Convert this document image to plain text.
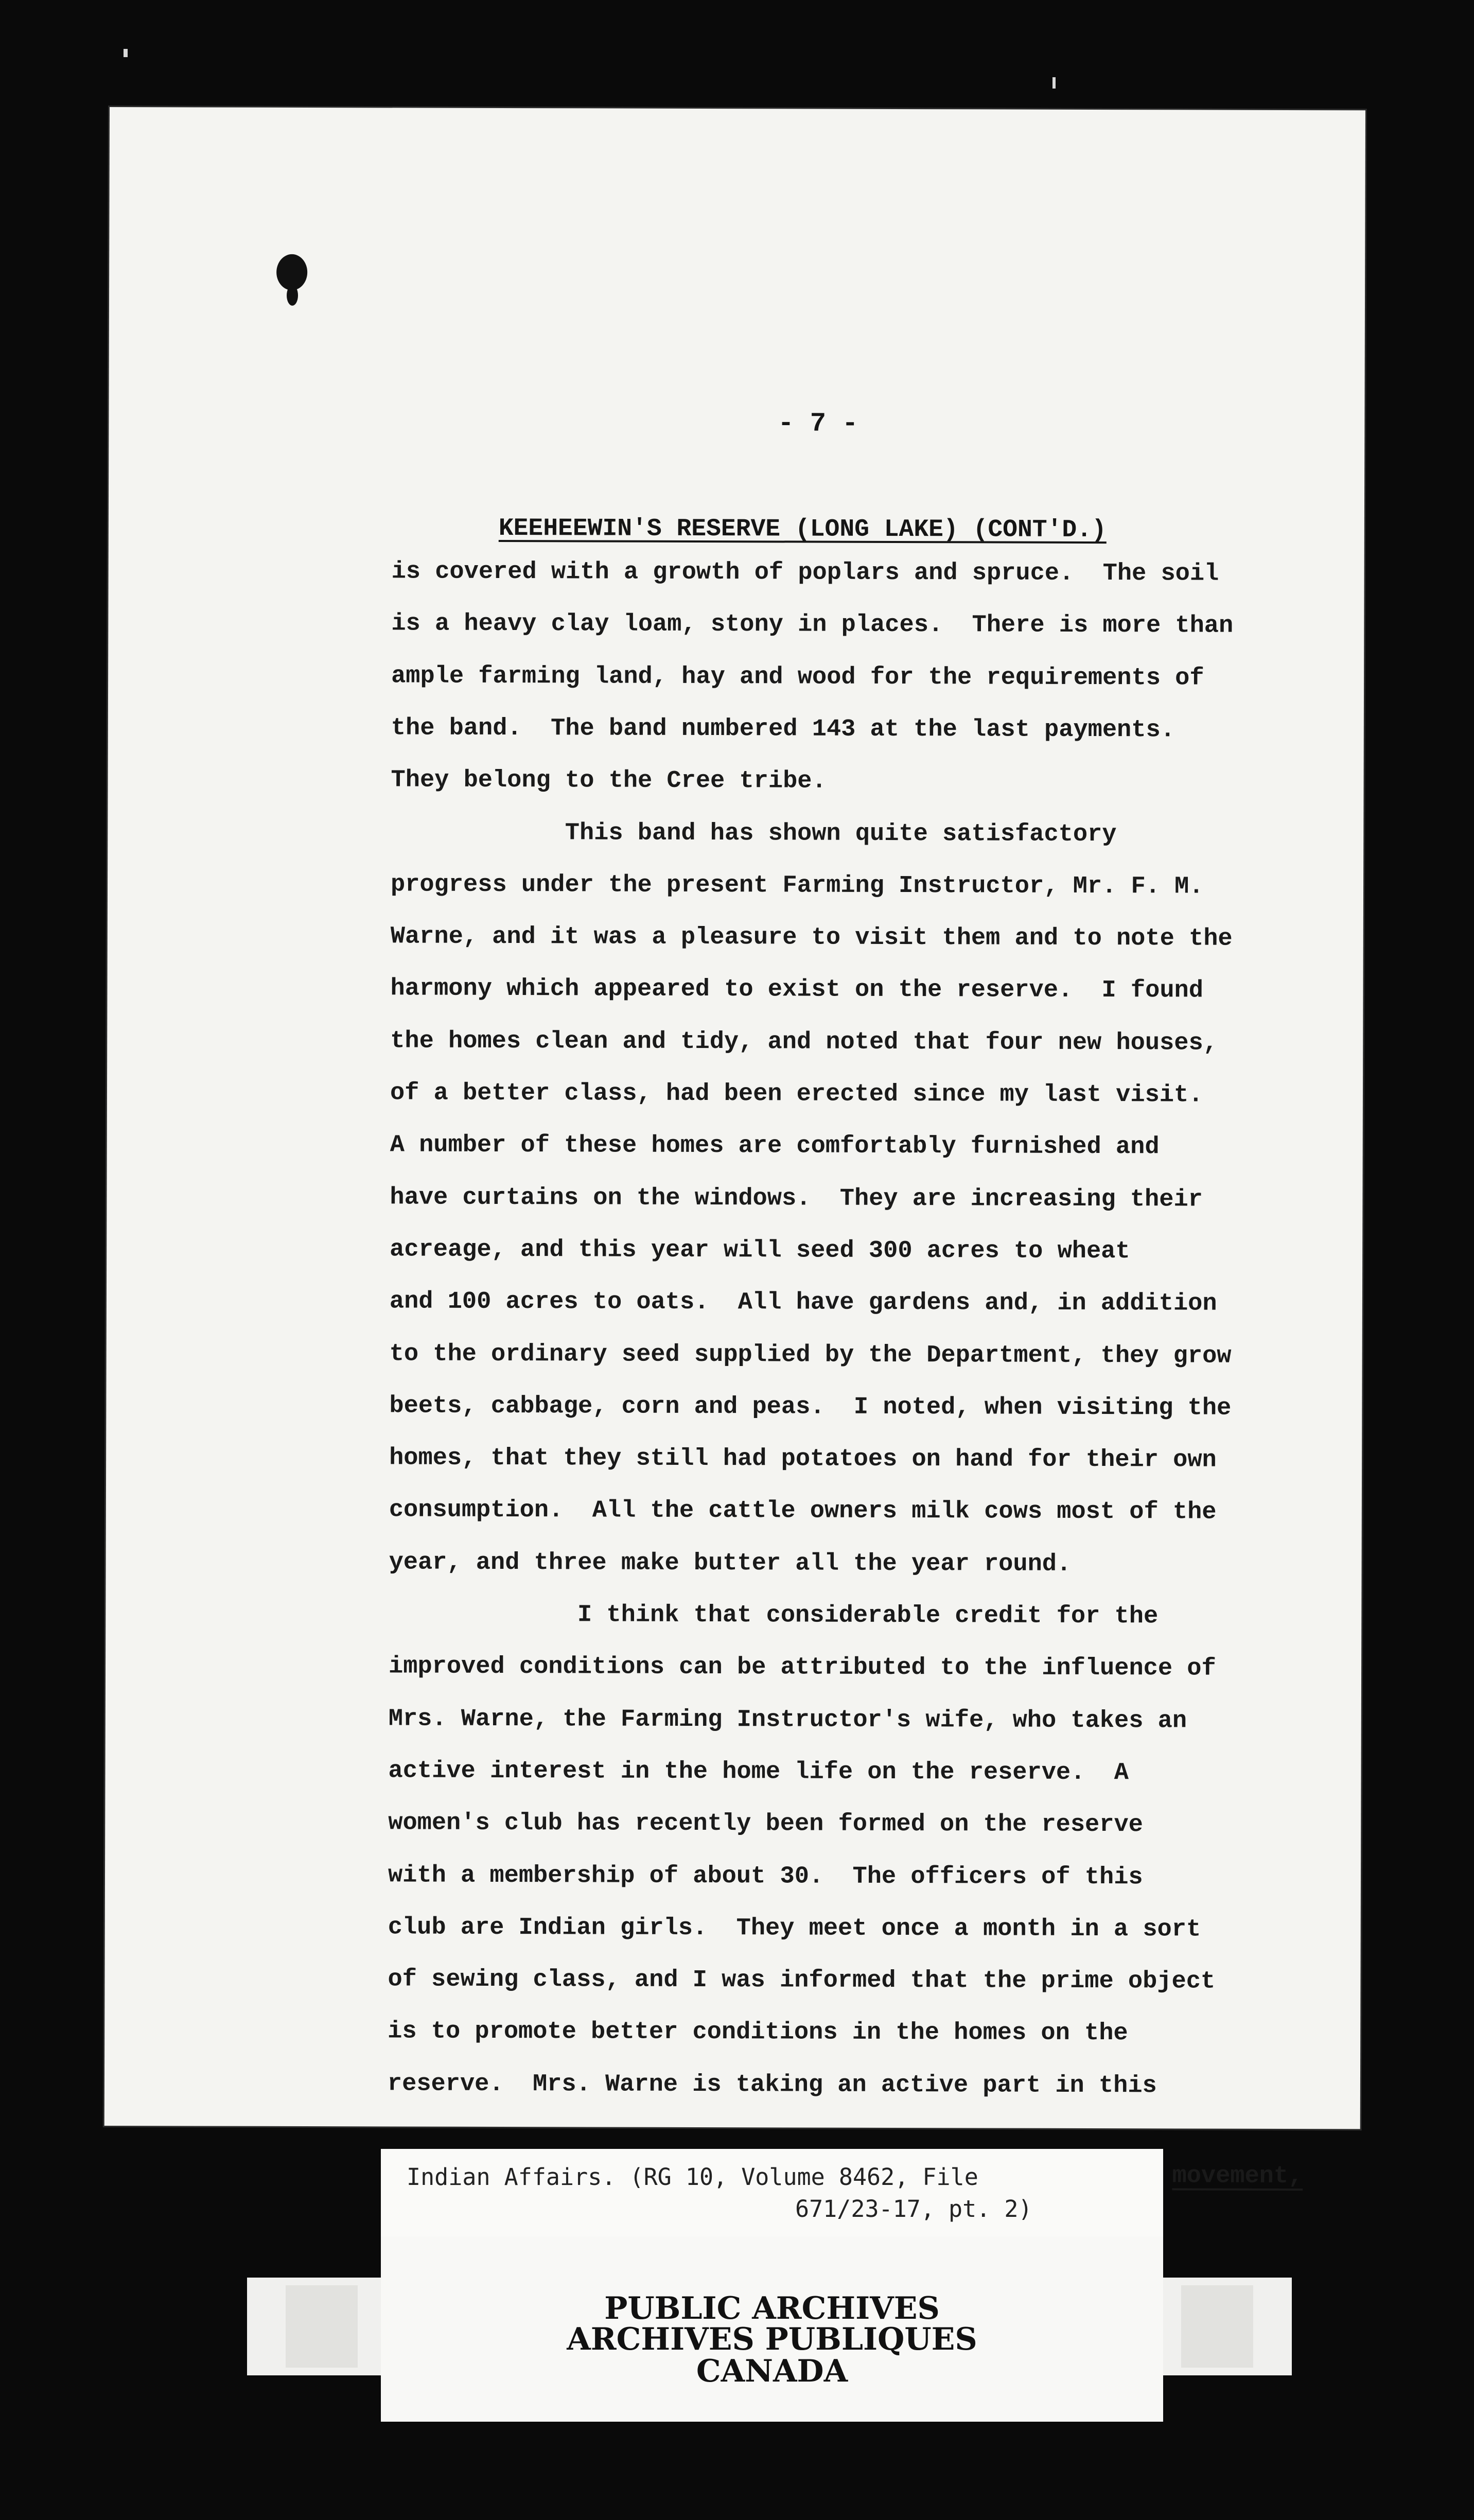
- 7 -
KEEHEEWIN'S RESERVE (LONG LAKE) (CONT'D.)
is covered with a growth of poplars and spruce.  The soil
is a heavy clay loam, stony in places.  There is more than
ample farming land, hay and wood for the requirements of
the band.  The band numbered 143 at the last payments.
They belong to the Cree tribe.
This band has shown quite satisfactory
progress under the present Farming Instructor, Mr. F. M.
Warne, and it was a pleasure to visit them and to note the
harmony which appeared to exist on the reserve.  I found
the homes clean and tidy, and noted that four new houses,
of a better class, had been erected since my last visit.
A number of these homes are comfortably furnished and
have curtains on the windows.  They are increasing their
acreage, and this year will seed 300 acres to wheat
and 100 acres to oats.  All have gardens and, in addition
to the ordinary seed supplied by the Department, they grow
beets, cabbage, corn and peas.  I noted, when visiting the
homes, that they still had potatoes on hand for their own
consumption.  All the cattle owners milk cows most of the
year, and three make butter all the year round.
I think that considerable credit for the
improved conditions can be attributed to the influence of
Mrs. Warne, the Farming Instructor's wife, who takes an
active interest in the home life on the reserve.  A
women's club has recently been formed on the reserve
with a membership of about 30.  The officers of this
club are Indian girls.  They meet once a month in a sort
of sewing class, and I was informed that the prime object
is to promote better conditions in the homes on the
reserve.  Mrs. Warne is taking an active part in this
movement,
Indian Affairs. (RG 10, Volume 8462, File
671/23-17, pt. 2)
PUBLIC ARCHIVES
ARCHIVES PUBLIQUES
CANADA
